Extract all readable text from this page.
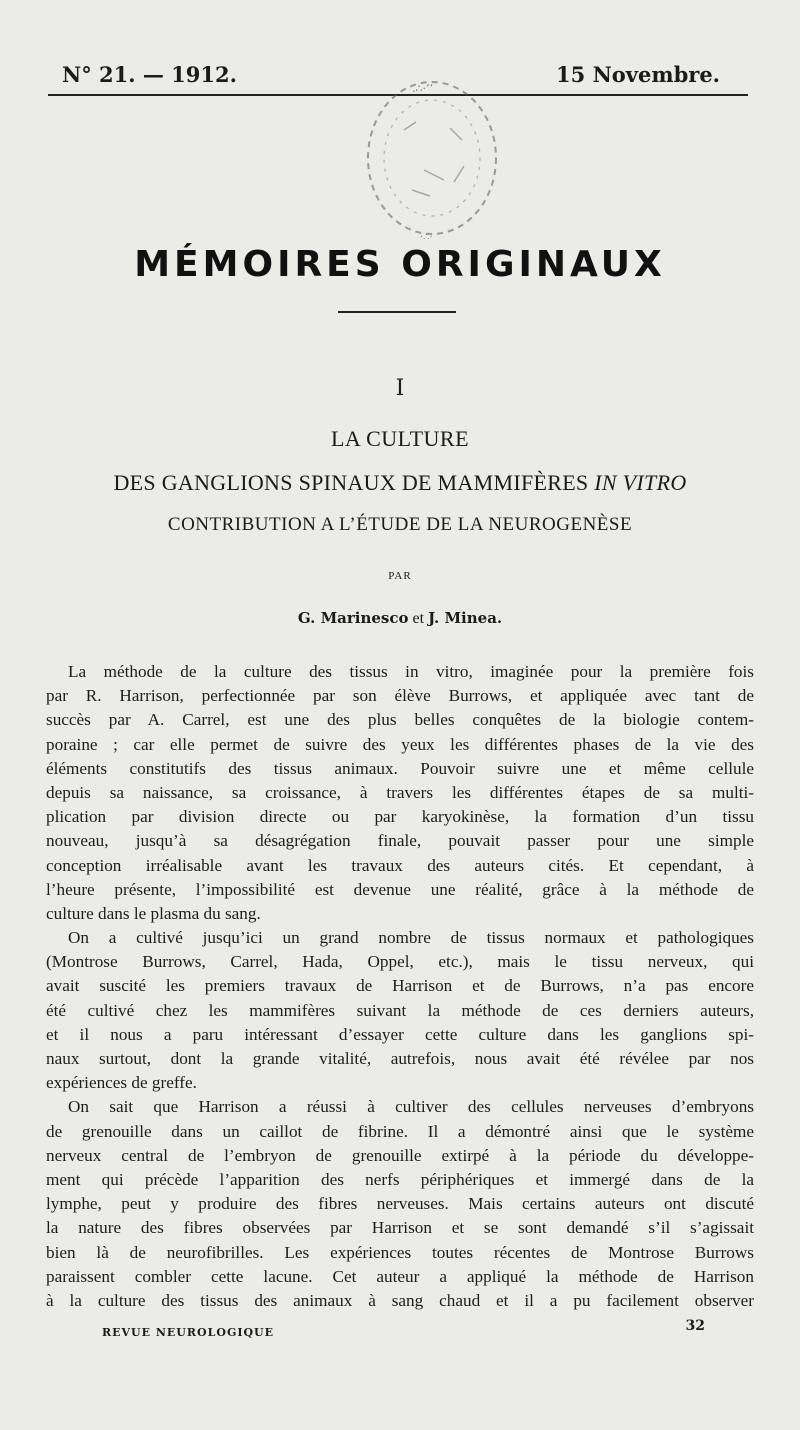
N° 21. — 1912.	15 Novembre.
.∴·ʻʻ
·∴·
MÉMOIRES ORIGINAUX
I
LA CULTURE
DES GANGLIONS SPINAUX DE MAMMIFÈRES IN VITRO
CONTRIBUTION A L’ÉTUDE DE LA NEUROGENÈSE
PAR
G. Marinesco et J. Minea.
La méthode de la culture des tissus in vitro, imaginée pour la première fois
par R. Harrison, perfectionnée par son élève Burrows, et appliquée avec tant de
succès par A. Carrel, est une des plus belles conquêtes de la biologie contem-
poraine ; car elle permet de suivre des yeux les différentes phases de la vie des
éléments constitutifs des tissus animaux. Pouvoir suivre une et même cellule
depuis sa naissance, sa croissance, à travers les différentes étapes de sa multi-
plication par division directe ou par karyokinèse, la formation d’un tissu
nouveau, jusqu’à sa désagrégation finale, pouvait passer pour une simple
conception irréalisable avant les travaux des auteurs cités. Et cependant, à
l’heure présente, l’impossibilité est devenue une réalité, grâce à la méthode de
culture dans le plasma du sang.
On a cultivé jusqu’ici un grand nombre de tissus normaux et pathologiques
(Montrose Burrows, Carrel, Hada, Oppel, etc.), mais le tissu nerveux, qui
avait suscité les premiers travaux de Harrison et de Burrows, n’a pas encore
été cultivé chez les mammifères suivant la méthode de ces derniers auteurs,
et il nous a paru intéressant d’essayer cette culture dans les ganglions spi-
naux surtout, dont la grande vitalité, autrefois, nous avait été révélee par nos
expériences de greffe.
On sait que Harrison a réussi à cultiver des cellules nerveuses d’embryons
de grenouille dans un caillot de fibrine. Il a démontré ainsi que le système
nerveux central de l’embryon de grenouille extirpé à la période du développe-
ment qui précède l’apparition des nerfs périphériques et immergé dans de la
lymphe, peut y produire des fibres nerveuses. Mais certains auteurs ont discuté
la nature des fibres observées par Harrison et se sont demandé s’il s’agissait
bien là de neurofibrilles. Les expériences toutes récentes de Montrose Burrows
paraissent combler cette lacune. Cet auteur a appliqué la méthode de Harrison
à la culture des tissus des animaux à sang chaud et il a pu facilement observer
REVUE NEUROLOGIQUE	32
